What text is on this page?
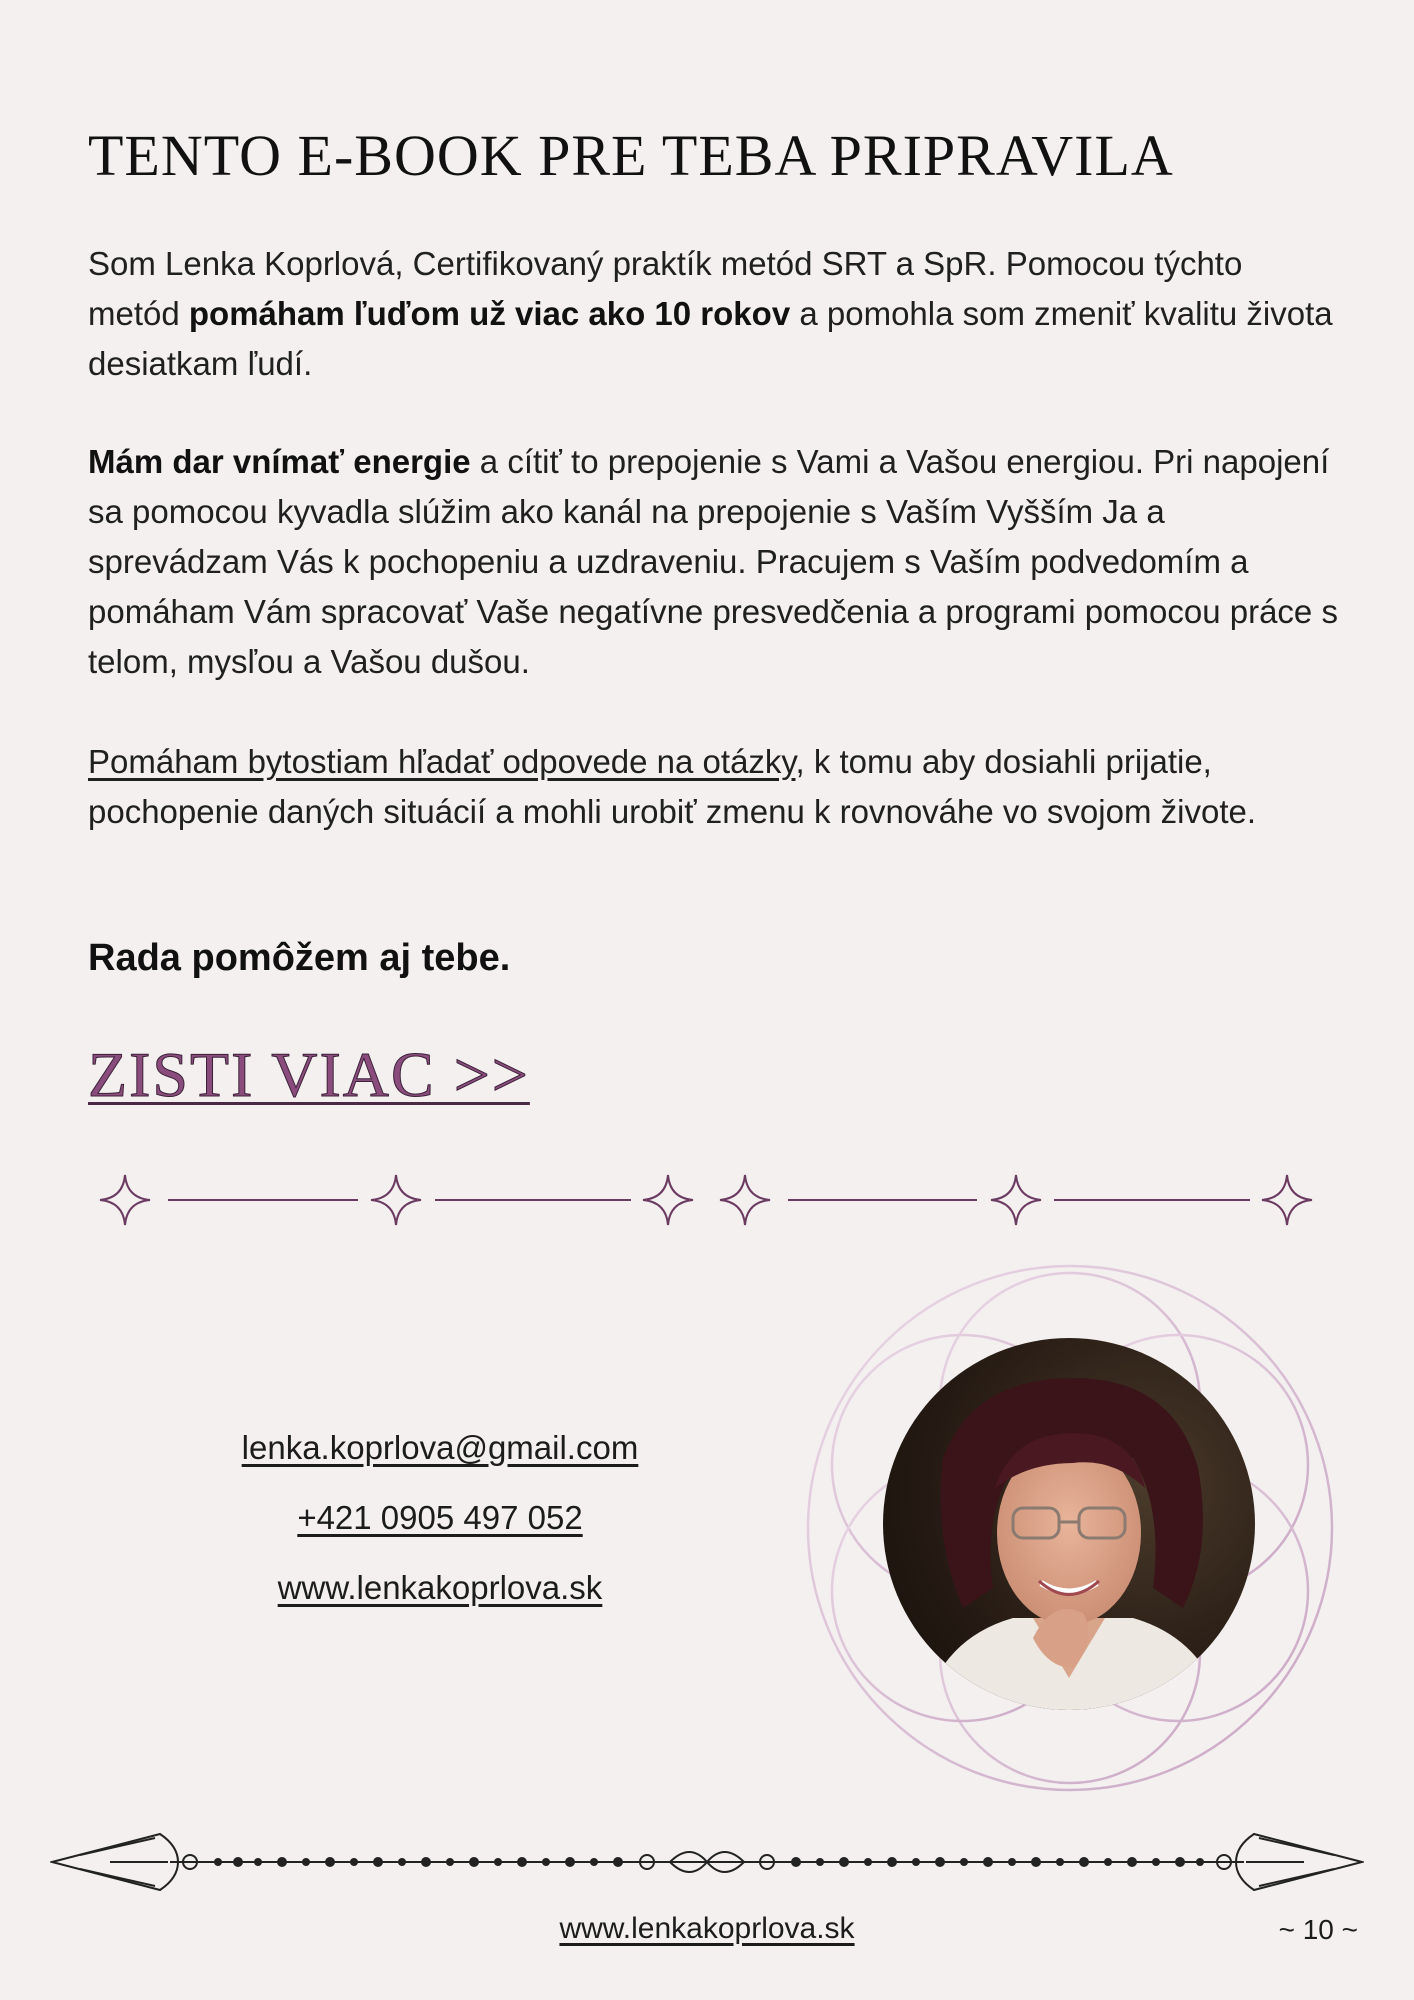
TENTO E-BOOK PRE TEBA PRIPRAVILA

Som Lenka Koprlová, Certifikovaný praktík metód SRT a SpR. Pomocou týchto metód pomáham ľuďom už viac ako 10 rokov a pomohla som zmeniť kvalitu života desiatkam ľudí.

Mám dar vnímať energie a cítiť to prepojenie s Vami a Vašou energiou. Pri napojení sa pomocou kyvadla slúžim ako kanál na prepojenie s Vaším Vyšším Ja a sprevádzam Vás k pochopeniu a uzdraveniu. Pracujem s Vaším podvedomím a pomáham Vám spracovať Vaše negatívne presvedčenia a programi pomocou práce s telom, mysľou a Vašou dušou.

Pomáham bytostiam hľadať odpovede na otázky, k tomu aby dosiahli prijatie, pochopenie daných situácií a mohli urobiť zmenu k rovnováhe vo svojom živote.

Rada pomôžem aj tebe.

ZISTI VIAC >>
lenka.koprlova@gmail.com
+421 0905 497 052
www.lenkakoprlova.sk
www.lenkakoprlova.sk	~ 10 ~
